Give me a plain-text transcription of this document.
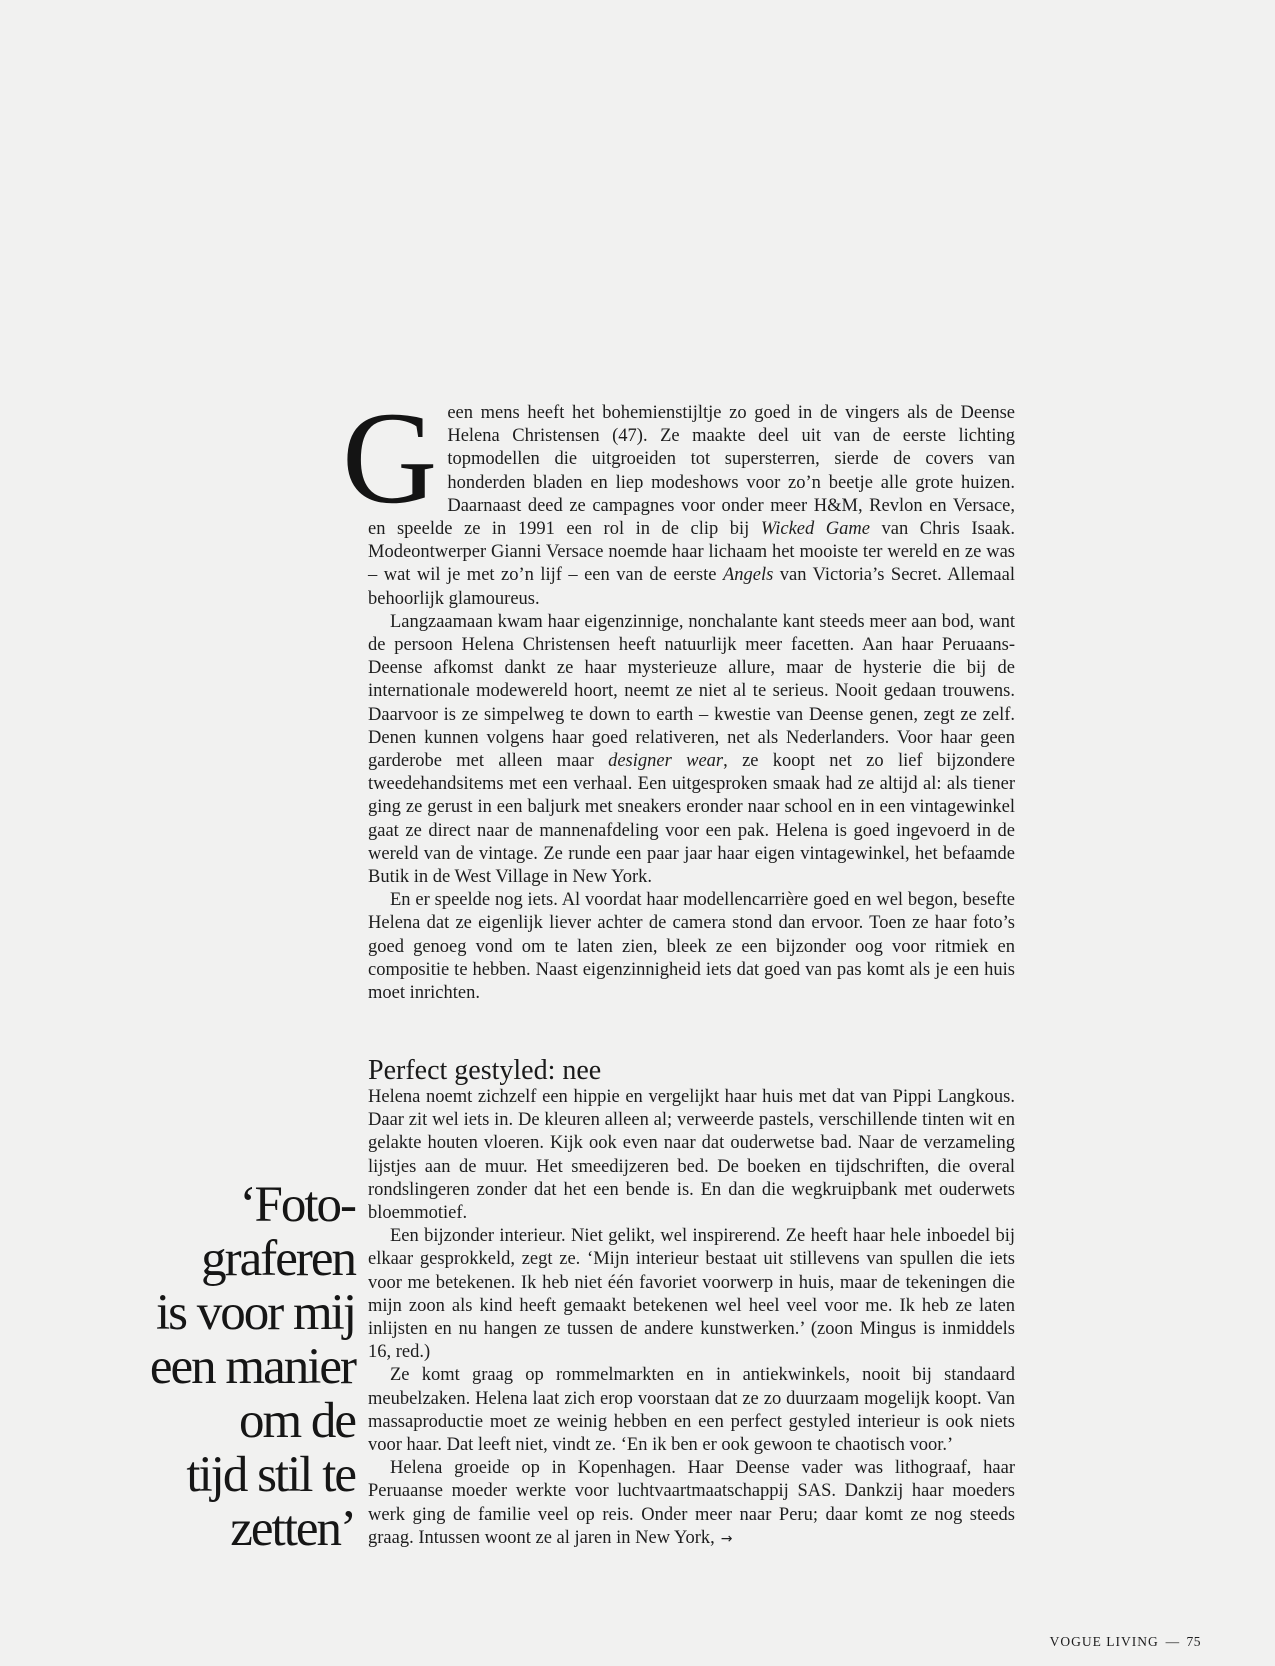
Geen mens heeft het bohemienstijltje zo goed in de vingers als de Deense Helena Christensen (47). Ze maakte deel uit van de eerste lichting topmodellen die uitgroeiden tot supersterren, sierde de covers van honderden bladen en liep modeshows voor zo’n beetje alle grote huizen. Daarnaast deed ze campagnes voor onder meer H&M, Revlon en Versace, en speelde ze in 1991 een rol in de clip bij Wicked Game van Chris Isaak. Modeontwerper Gianni Versace noemde haar lichaam het mooiste ter wereld en ze was – wat wil je met zo’n lijf – een van de eerste Angels van Victoria’s Secret. Allemaal behoorlijk glamoureus.

Langzaamaan kwam haar eigenzinnige, nonchalante kant steeds meer aan bod, want de persoon Helena Christensen heeft natuurlijk meer facetten. Aan haar Peruaans-Deense afkomst dankt ze haar mysterieuze allure, maar de hysterie die bij de internationale modewereld hoort, neemt ze niet al te serieus. Nooit gedaan trouwens. Daarvoor is ze simpelweg te down to earth – kwestie van Deense genen, zegt ze zelf. Denen kunnen volgens haar goed relativeren, net als Nederlanders. Voor haar geen garderobe met alleen maar designer wear, ze koopt net zo lief bijzondere tweedehandsitems met een verhaal. Een uitgesproken smaak had ze altijd al: als tiener ging ze gerust in een baljurk met sneakers eronder naar school en in een vintagewinkel gaat ze direct naar de mannenafdeling voor een pak. Helena is goed ingevoerd in de wereld van de vintage. Ze runde een paar jaar haar eigen vintagewinkel, het befaamde Butik in de West Village in New York.

En er speelde nog iets. Al voordat haar modellencarrière goed en wel begon, besefte Helena dat ze eigenlijk liever achter de camera stond dan ervoor. Toen ze haar foto’s goed genoeg vond om te laten zien, bleek ze een bijzonder oog voor ritmiek en compositie te hebben. Naast eigenzinnigheid iets dat goed van pas komt als je een huis moet inrichten.

Perfect gestyled: nee

Helena noemt zichzelf een hippie en vergelijkt haar huis met dat van Pippi Langkous. Daar zit wel iets in. De kleuren alleen al; verweerde pastels, verschillende tinten wit en gelakte houten vloeren. Kijk ook even naar dat ouderwetse bad. Naar de verzameling lijstjes aan de muur. Het smeedijzeren bed. De boeken en tijdschriften, die overal rondslingeren zonder dat het een bende is. En dan die wegkruipbank met ouderwets bloemmotief.

Een bijzonder interieur. Niet gelikt, wel inspirerend. Ze heeft haar hele inboedel bij elkaar gesprokkeld, zegt ze. ‘Mijn interieur bestaat uit stillevens van spullen die iets voor me betekenen. Ik heb niet één favoriet voorwerp in huis, maar de tekeningen die mijn zoon als kind heeft gemaakt betekenen wel heel veel voor me. Ik heb ze laten inlijsten en nu hangen ze tussen de andere kunstwerken.’ (zoon Mingus is inmiddels 16, red.)

Ze komt graag op rommelmarkten en in antiekwinkels, nooit bij standaard meubelzaken. Helena laat zich erop voorstaan dat ze zo duurzaam mogelijk koopt. Van massaproductie moet ze weinig hebben en een perfect gestyled interieur is ook niets voor haar. Dat leeft niet, vindt ze. ‘En ik ben er ook gewoon te chaotisch voor.’

Helena groeide op in Kopenhagen. Haar Deense vader was lithograaf, haar Peruaanse moeder werkte voor luchtvaartmaatschappij SAS. Dankzij haar moeders werk ging de familie veel op reis. Onder meer naar Peru; daar komt ze nog steeds graag. Intussen woont ze al jaren in New York, →

‘Foto-
graferen
is voor mij
een manier
om de
tijd stil te
zetten’
VOGUE LIVING — 75
